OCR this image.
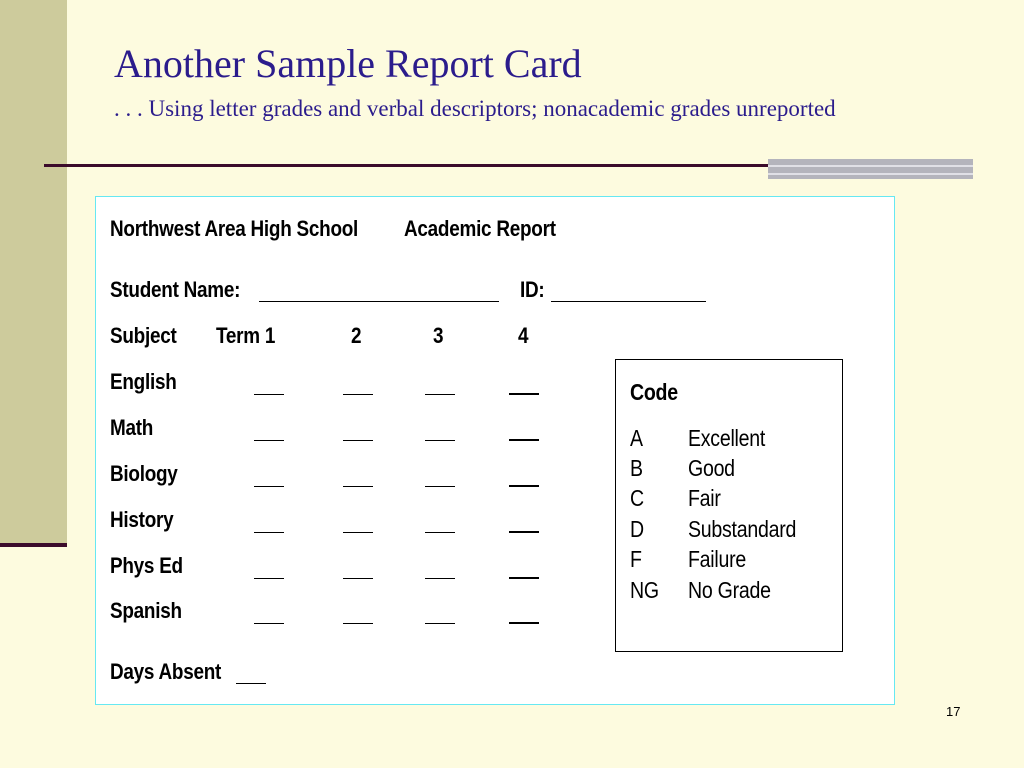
Another Sample Report Card

. . . Using letter grades and verbal descriptors; nonacademic grades unreported

Northwest Area High School Academic Report
Student Name:	ID:
Subject Term 1	2	3	4
English
Math
Biology
History
Phys Ed
Spanish
Days Absent
Code
A Excellent
B Good
C Fair
D Substandard
F Failure
NG No Grade
17
